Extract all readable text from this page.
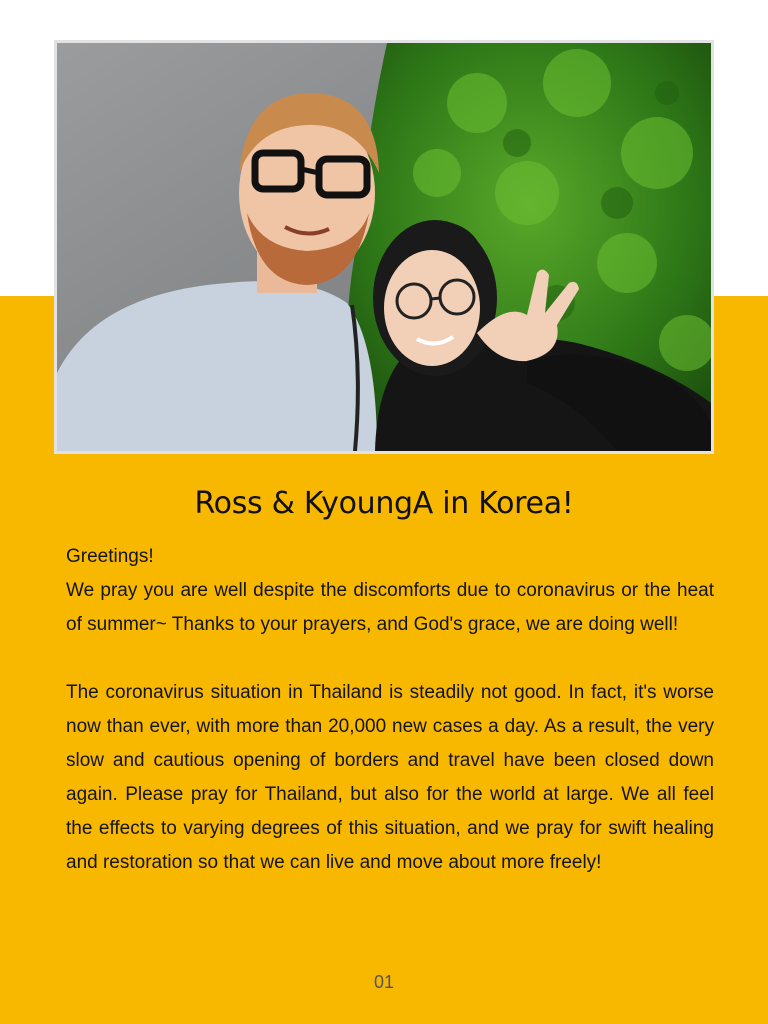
Ross & KyoungA in Korea!

Greetings!

We pray you are well despite the discomforts due to coronavirus or the heat of summer~ Thanks to your prayers, and God's grace, we are doing well!

The coronavirus situation in Thailand is steadily not good. In fact, it's worse now than ever, with more than 20,000 new cases a day. As a result, the very slow and cautious opening of borders and travel have been closed down again. Please pray for Thailand, but also for the world at large. We all feel the effects to varying degrees of this situation, and we pray for swift healing and restoration so that we can live and move about more freely!

01
